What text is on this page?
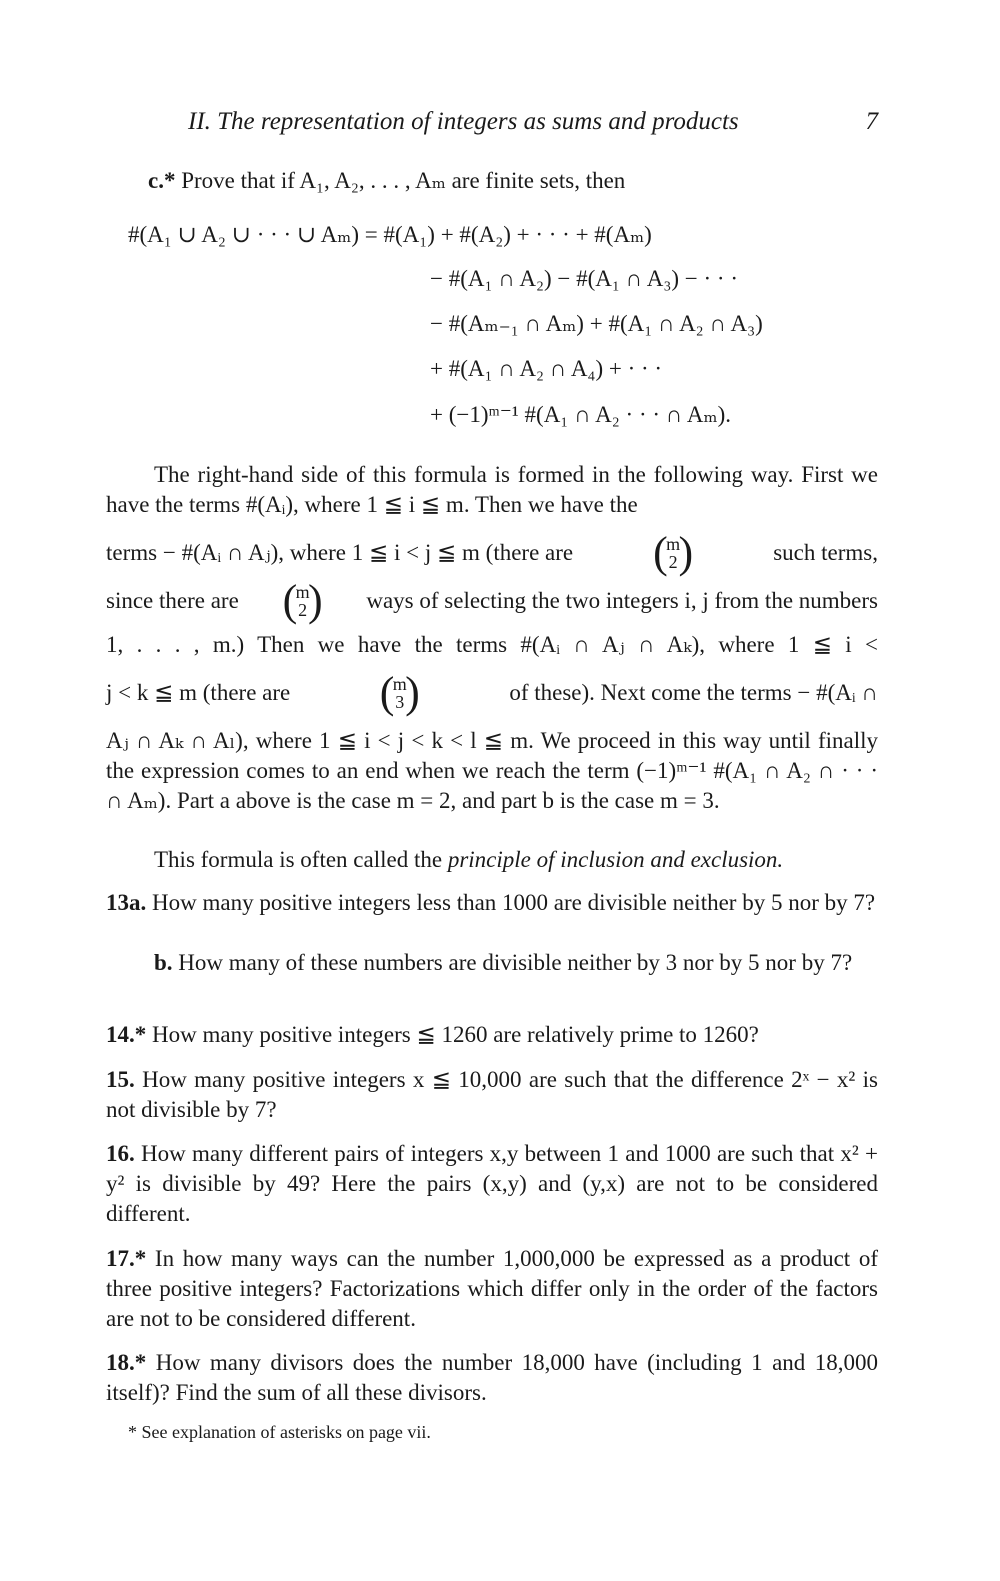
II. The representation of integers as sums and products	7
c.* Prove that if A₁, A₂, . . . , Aₘ are finite sets, then
#(A₁ ∪ A₂ ∪ · · · ∪ Aₘ) = #(A₁) + #(A₂) + · · · + #(Aₘ)
− #(A₁ ∩ A₂) − #(A₁ ∩ A₃) − · · ·
− #(Aₘ₋₁ ∩ Aₘ) + #(A₁ ∩ A₂ ∩ A₃)
+ #(A₁ ∩ A₂ ∩ A₄) + · · ·
+ (−1)ᵐ⁻¹ #(A₁ ∩ A₂ · · · ∩ Aₘ).
The right-hand side of this formula is formed in the following way. First we have the terms #(Aᵢ), where 1 ≦ i ≦ m. Then we have the
terms − #(Aᵢ ∩ Aⱼ), where 1 ≦ i < j ≦ m (there are	( m
2
)	such terms,
since there are	( m
2
)	ways of selecting the two integers i, j from the numbers
1, . . . , m.) Then we have the terms #(Aᵢ ∩ Aⱼ ∩ Aₖ), where 1 ≦ i <
j < k ≦ m (there are	( m
3
)	of these). Next come the terms − #(Aᵢ ∩
Aⱼ ∩ Aₖ ∩ Aₗ), where 1 ≦ i < j < k < l ≦ m. We proceed in this way until finally the expression comes to an end when we reach the term (−1)ᵐ⁻¹ #(A₁ ∩ A₂ ∩ · · · ∩ Aₘ). Part a above is the case m = 2, and part b is the case m = 3.
This formula is often called the principle of inclusion and exclusion.
13a. How many positive integers less than 1000 are divisible neither by 5 nor by 7?
b. How many of these numbers are divisible neither by 3 nor by 5 nor by 7?
14.* How many positive integers ≦ 1260 are relatively prime to 1260?
15. How many positive integers x ≦ 10,000 are such that the difference 2ˣ − x² is not divisible by 7?
16. How many different pairs of integers x,y between 1 and 1000 are such that x² + y² is divisible by 49? Here the pairs (x,y) and (y,x) are not to be considered different.
17.* In how many ways can the number 1,000,000 be expressed as a product of three positive integers? Factorizations which differ only in the order of the factors are not to be considered different.
18.* How many divisors does the number 18,000 have (including 1 and 18,000 itself)? Find the sum of all these divisors.
* See explanation of asterisks on page vii.
